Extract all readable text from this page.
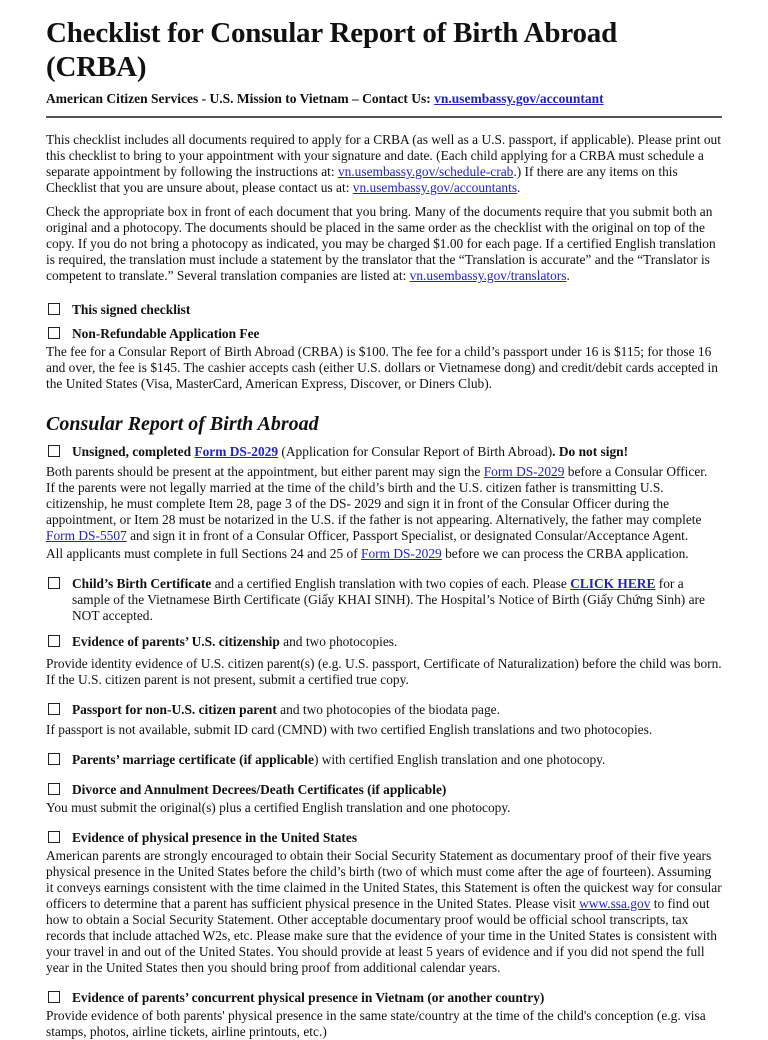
Checklist for Consular Report of Birth Abroad (CRBA)
American Citizen Services - U.S. Mission to Vietnam – Contact Us: vn.usembassy.gov/accountant

This checklist includes all documents required to apply for a CRBA (as well as a U.S. passport, if applicable). Please print out this checklist to bring to your appointment with your signature and date. (Each child applying for a CRBA must schedule a separate appointment by following the instructions at: vn.usembassy.gov/schedule-crab.) If there are any items on this Checklist that you are unsure about, please contact us at: vn.usembassy.gov/accountants.

Check the appropriate box in front of each document that you bring. Many of the documents require that you submit both an original and a photocopy. The documents should be placed in the same order as the checklist with the original on top of the copy. If you do not bring a photocopy as indicated, you may be charged $1.00 for each page. If a certified English translation is required, the translation must include a statement by the translator that the “Translation is accurate” and the “Translator is competent to translate.” Several translation companies are listed at: vn.usembassy.gov/translators.

This signed checklist
Non-Refundable Application Fee

The fee for a Consular Report of Birth Abroad (CRBA) is $100. The fee for a child’s passport under 16 is $115; for those 16 and over, the fee is $145. The cashier accepts cash (either U.S. dollars or Vietnamese dong) and credit/debit cards accepted in the United States (Visa, MasterCard, American Express, Discover, or Diners Club).

Consular Report of Birth Abroad
Unsigned, completed Form DS-2029 (Application for Consular Report of Birth Abroad). Do not sign!

Both parents should be present at the appointment, but either parent may sign the Form DS-2029 before a Consular Officer.

If the parents were not legally married at the time of the child’s birth and the U.S. citizen father is transmitting U.S. citizenship, he must complete Item 28, page 3 of the DS- 2029 and sign it in front of the Consular Officer during the appointment, or Item 28 must be notarized in the U.S. if the father is not appearing. Alternatively, the father may complete Form DS-5507 and sign it in front of a Consular Officer, Passport Specialist, or designated Consular/Acceptance Agent.

All applicants must complete in full Sections 24 and 25 of Form DS-2029 before we can process the CRBA application.

Child’s Birth Certificate and a certified English translation with two copies of each. Please CLICK HERE for a sample of the Vietnamese Birth Certificate (Giấy KHAI SINH). The Hospital’s Notice of Birth (Giấy Chứng Sinh) are NOT accepted.
Evidence of parents’ U.S. citizenship and two photocopies.

Provide identity evidence of U.S. citizen parent(s) (e.g. U.S. passport, Certificate of Naturalization) before the child was born. If the U.S. citizen parent is not present, submit a certified true copy.

Passport for non-U.S. citizen parent and two photocopies of the biodata page.

If passport is not available, submit ID card (CMND) with two certified English translations and two photocopies.

Parents’ marriage certificate (if applicable) with certified English translation and one photocopy.
Divorce and Annulment Decrees/Death Certificates (if applicable)

You must submit the original(s) plus a certified English translation and one photocopy.

Evidence of physical presence in the United States

American parents are strongly encouraged to obtain their Social Security Statement as documentary proof of their five years physical presence in the United States before the child’s birth (two of which must come after the age of fourteen). Assuming it conveys earnings consistent with the time claimed in the United States, this Statement is often the quickest way for consular officers to determine that a parent has sufficient physical presence in the United States. Please visit www.ssa.gov to find out how to obtain a Social Security Statement. Other acceptable documentary proof would be official school transcripts, tax records that include attached W2s, etc. Please make sure that the evidence of your time in the United States is consistent with your travel in and out of the United States. You should provide at least 5 years of evidence and if you did not spend the full year in the United States then you should bring proof from additional calendar years.

Evidence of parents’ concurrent physical presence in Vietnam (or another country)

Provide evidence of both parents' physical presence in the same state/country at the time of the child's conception (e.g. visa stamps, photos, airline tickets, airline printouts, etc.)
